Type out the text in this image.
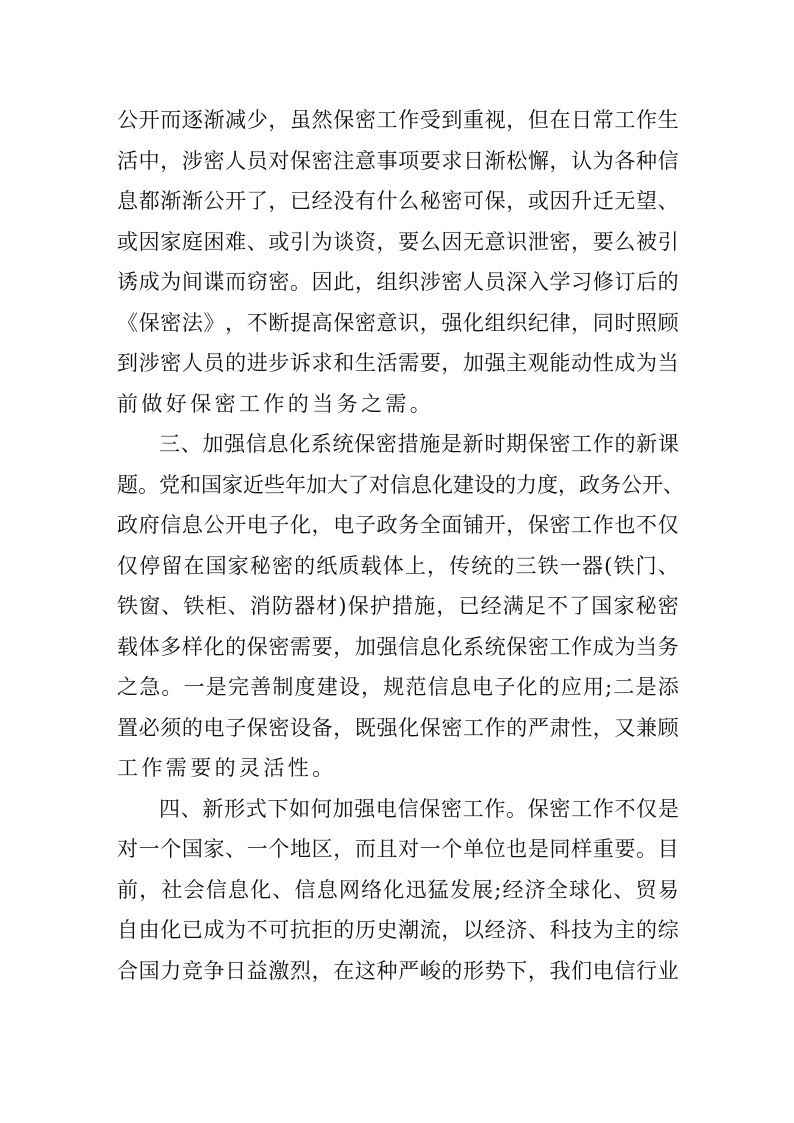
公 开 而 逐 渐 减 少 ， 虽 然 保 密 工 作 受 到 重 视 ， 但 在 日 常 工 作 生
活 中 ， 涉 密 人 员 对 保 密 注 意 事 项 要 求 日 渐 松 懈 ， 认 为 各 种 信
息 都 渐 渐 公 开 了 ， 已 经 没 有 什 么 秘 密 可 保 ， 或 因 升 迁 无 望 、
或 因 家 庭 困 难 、 或 引 为 谈 资 ， 要 么 因 无 意 识 泄 密 ， 要 么 被 引
诱 成 为 间 谍 而 窃 密 。 因 此 ， 组 织 涉 密 人 员 深 入 学 习 修 订 后 的
《 保 密 法 》 ， 不 断 提 高 保 密 意 识 ， 强 化 组 织 纪 律 ， 同 时 照 顾
到 涉 密 人 员 的 进 步 诉 求 和 生 活 需 要 ， 加 强 主 观 能 动 性 成 为 当
前做好保密工作的当务之需。
三 、 加 强 信 息 化 系 统 保 密 措 施 是 新 时 期 保 密 工 作 的 新 课
题 。 党 和 国 家 近 些 年 加 大 了 对 信 息 化 建 设 的 力 度 ， 政 务 公 开 、
政 府 信 息 公 开 电 子 化 ， 电 子 政 务 全 面 铺 开 ， 保 密 工 作 也 不 仅
仅 停 留 在 国 家 秘 密 的 纸 质 载 体 上 ， 传 统 的 三 铁 一 器 ( 铁 门 、
铁 窗 、 铁 柜 、 消 防 器 材 ) 保 护 措 施 ， 已 经 满 足 不 了 国 家 秘 密
载 体 多 样 化 的 保 密 需 要 ， 加 强 信 息 化 系 统 保 密 工 作 成 为 当 务
之 急 。 一 是 完 善 制 度 建 设 ， 规 范 信 息 电 子 化 的 应 用 ; 二 是 添
置 必 须 的 电 子 保 密 设 备 ， 既 强 化 保 密 工 作 的 严 肃 性 ， 又 兼 顾
工作需要的灵活性。
四 、 新 形 式 下 如 何 加 强 电 信 保 密 工 作 。 保 密 工 作 不 仅 是
对 一 个 国 家 、 一 个 地 区 ， 而 且 对 一 个 单 位 也 是 同 样 重 要 。 目
前 ， 社 会 信 息 化 、 信 息 网 络 化 迅 猛 发 展 ; 经 济 全 球 化 、 贸 易
自 由 化 已 成 为 不 可 抗 拒 的 历 史 潮 流 ， 以 经 济 、 科 技 为 主 的 综
合 国 力 竞 争 日 益 激 烈 ， 在 这 种 严 峻 的 形 势 下 ， 我 们 电 信 行 业
